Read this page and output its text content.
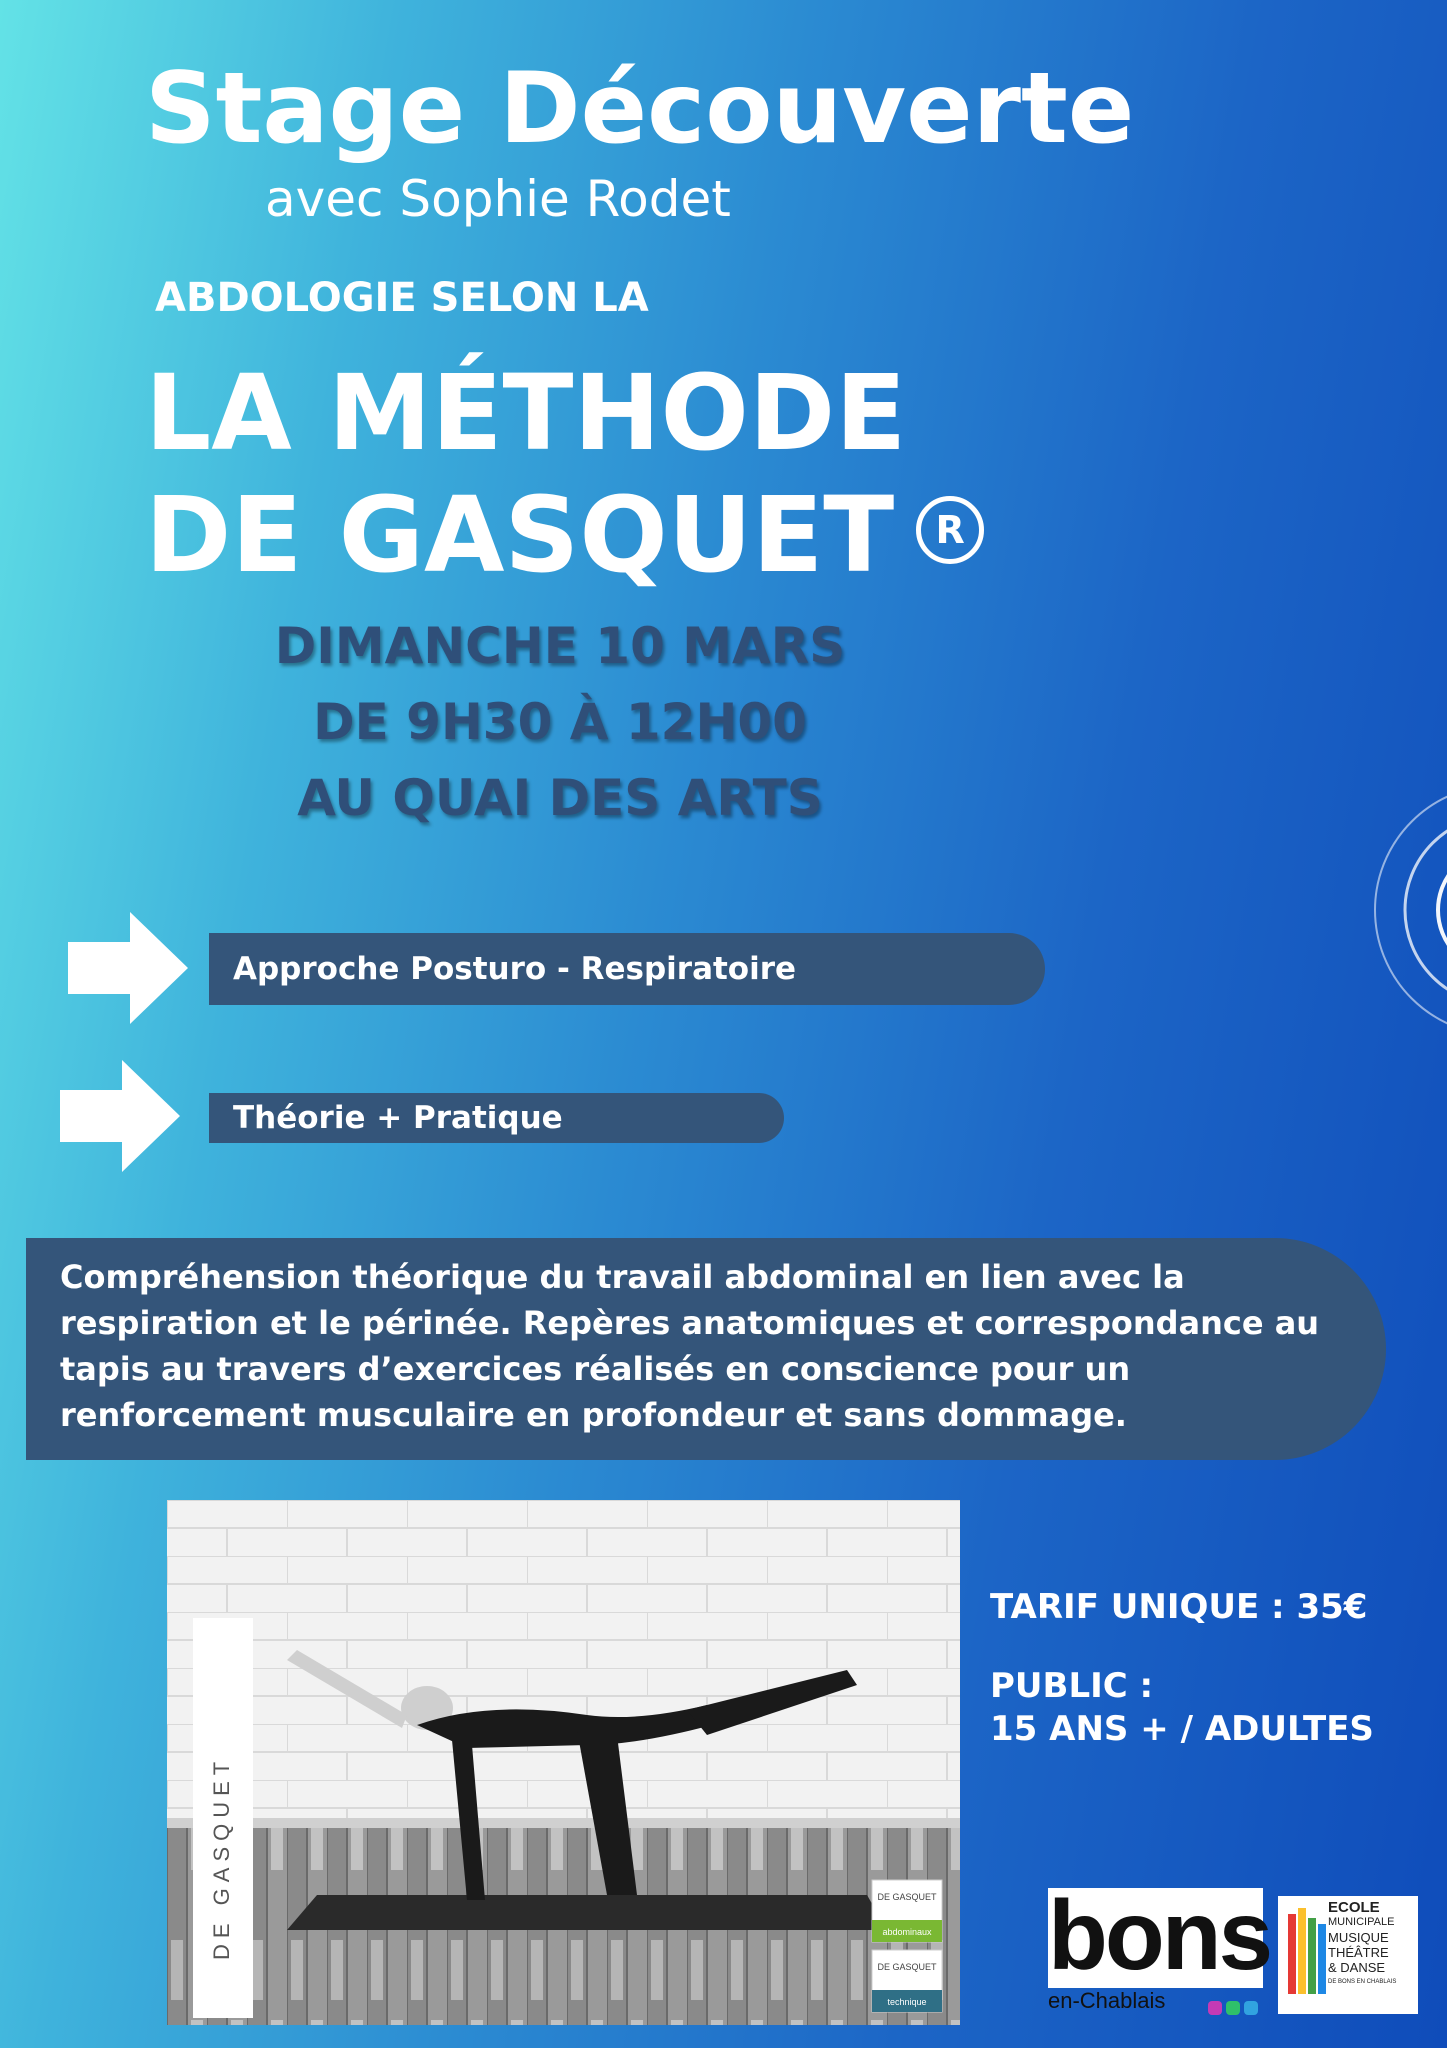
Stage Découverte
avec Sophie Rodet
ABDOLOGIE SELON LA
LA MÉTHODE
DE GASQUET R
DIMANCHE 10 MARS
DE 9H30 À 12H00
AU QUAI DES ARTS
Approche Posturo - Respiratoire
Théorie + Pratique
Compréhension théorique du travail abdominal en lien avec la respiration et le périnée. Repères anatomiques et correspondance au tapis au travers d’exercices réalisés en conscience pour un renforcement musculaire en profondeur et sans dommage.
DE GASQUET	DE GASQUET
abdominaux
DE GASQUET
technique
TARIF UNIQUE : 35€
PUBLIC :
15 ANS + / ADULTES
bons
en-Chablais
ECOLE
MUNICIPALE
MUSIQUE
THÉÂTRE
& DANSE
DE BONS EN CHABLAIS
